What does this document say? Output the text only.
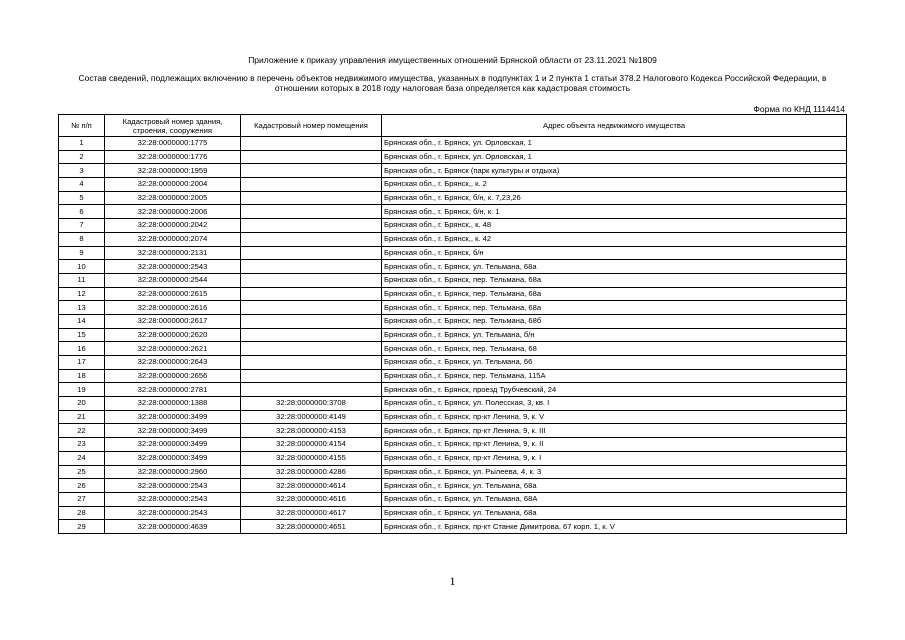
Приложение к приказу управления имущественных отношений Брянской области от 23.11.2021 №1809
Состав сведений, подлежащих включению в перечень объектов недвижимого имущества, указанных в подпунктах 1 и 2 пункта 1 статьи 378.2 Налогового Кодекса Российской Федерации, в отношении которых в 2018 году налоговая база определяется как кадастровая стоимость
Форма по КНД 1114414
№ п/п	Кадастровый номер здания, строения, сооружения	Кадастровый номер помещения	Адрес объекта недвижимого имущества
1	32:28:0000000:1775		Брянская обл., г. Брянск, ул. Орловская, 1
2	32:28:0000000:1776		Брянская обл., г. Брянск, ул. Орловская, 1
3	32:28:0000000:1959		Брянская обл., г. Брянск (парк культуры и отдыха)
4	32:28:0000000:2004		Брянская обл., г. Брянск,, к. 2
5	32:28:0000000:2005		Брянская обл., г. Брянск, б/н, к. 7,23,26
6	32:28:0000000:2006		Брянская обл., г. Брянск, б/н, к. 1
7	32:28:0000000:2042		Брянская обл., г. Брянск,, к. 48
8	32:28:0000000:2074		Брянская обл., г. Брянск,, к. 42
9	32:28:0000000:2131		Брянская обл., г. Брянск, б/н
10	32:28:0000000:2543		Брянская обл., г. Брянск, ул. Тельмана, 68а
11	32:28:0000000:2544		Брянская обл., г. Брянск, пер. Тельмана, 68а
12	32:28:0000000:2615		Брянская обл., г. Брянск, пер. Тельмана, 68а
13	32:28:0000000:2616		Брянская обл., г. Брянск, пер. Тельмана, 68а
14	32:28:0000000:2617		Брянская обл., г. Брянск, пер. Тельмана, 68б
15	32:28:0000000:2620		Брянская обл., г. Брянск, ул. Тельмана, б/н
16	32:28:0000000:2621		Брянская обл., г. Брянск, пер. Тельмана, 68
17	32:28:0000000:2643		Брянская обл., г. Брянск, ул. Тельмана, 66
18	32:28:0000000:2656		Брянская обл., г. Брянск, пер. Тельмана, 115А
19	32:28:0000000:2781		Брянская обл., г. Брянск, проезд Трубчевский, 24
20	32:28:0000000:1388	32:28:0000000:3708	Брянская обл., г. Брянск, ул. Полесская, 3, кв. I
21	32:28:0000000:3499	32:28:0000000:4149	Брянская обл., г. Брянск, пр-кт Ленина, 9, к. V
22	32:28:0000000:3499	32:28:0000000:4153	Брянская обл., г. Брянск, пр-кт Ленина, 9, к. III
23	32:28:0000000:3499	32:28:0000000:4154	Брянская обл., г. Брянск, пр-кт Ленина, 9, к. II
24	32:28:0000000:3499	32:28:0000000:4155	Брянская обл., г. Брянск, пр-кт Ленина, 9, к. I
25	32:28:0000000:2960	32:28:0000000:4286	Брянская обл., г. Брянск, ул. Рылеева, 4, к. 3
26	32:28:0000000:2543	32:28:0000000:4614	Брянская обл., г. Брянск, ул. Тельмана, 68а
27	32:28:0000000:2543	32:28:0000000:4616	Брянская обл., г. Брянск, ул. Тельмана, 68А
28	32:28:0000000:2543	32:28:0000000:4617	Брянская обл., г. Брянск, ул. Тельмана, 68а
29	32:28:0000000:4639	32:28:0000000:4651	Брянская обл., г. Брянск, пр-кт Станке Димитрова, 67 корп. 1, к. V
1
